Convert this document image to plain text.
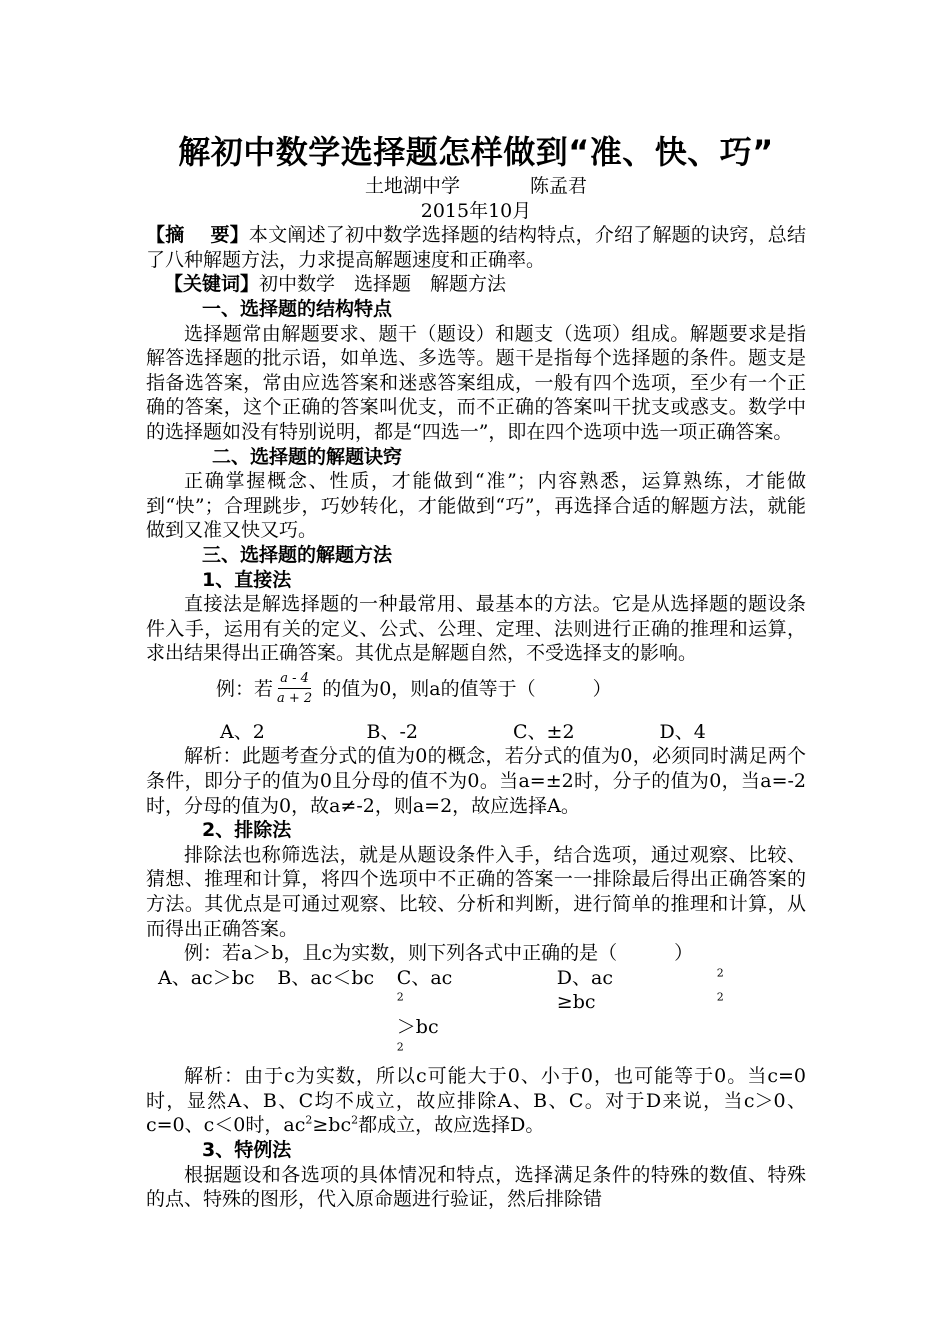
解初中数学选择题怎样做到“准、快、巧”
土地湖中学	陈孟君
2015年10月

【摘　 要】本文阐述了初中数学选择题的结构特点，介绍了解题的诀窍，总结了八种解题方法，力求提高解题速度和正确率。

【关键词】初中数学　选择题　解题方法

一、选择题的结构特点

选择题常由解题要求、题干（题设）和题支（选项）组成。解题要求是指解答选择题的批示语，如单选、多选等。题干是指每个选择题的条件。题支是指备选答案，常由应选答案和迷惑答案组成，一般有四个选项，至少有一个正确的答案，这个正确的答案叫优支，而不正确的答案叫干扰支或惑支。数学中的选择题如没有特别说明，都是“四选一”，即在四个选项中选一项正确答案。

二、选择题的解题诀窍

正确掌握概念、性质，才能做到“准”；内容熟悉，运算熟练，才能做到“快”；合理跳步，巧妙转化，才能做到“巧”，再选择合适的解题方法，就能做到又准又快又巧。

三、选择题的解题方法
1、直接法

直接法是解选择题的一种最常用、最基本的方法。它是从选择题的题设条件入手，运用有关的定义、公式、公理、定理、法则进行正确的推理和运算，求出结果得出正确答案。其优点是解题自然，不受选择支的影响。

例：若 $\frac{a - 4}{a + 2}$ 的值为0，则a的值等于（　　　）
A、2	B、-2	C、±2	D、4

解析：此题考查分式的值为0的概念，若分式的值为0，必须同时满足两个条件，即分子的值为0且分母的值不为0。当a=±2时，分子的值为0，当a=-2时，分母的值为0，故a≠-2，则a=2，故应选择A。

2、排除法

排除法也称筛选法，就是从题设条件入手，结合选项，通过观察、比较、猜想、推理和计算，将四个选项中不正确的答案一一排除最后得出正确答案的方法。其优点是可通过观察、比较、分析和判断，进行简单的推理和计算，从而得出正确答案。

例：若a＞b，且c为实数，则下列各式中正确的是（　　　）

A、ac＞bc	B、ac＜bc	C、$ac^2>bc^2$
D、ac	$^2$≥bc	$^2$

解析：由于c为实数，所以c可能大于0、小于0，也可能等于0。当c=0时，显然A、B、C均不成立，故应排除A、B、C。对于D来说，当c＞0、c=0、c＜0时，$ac^2\ge bc^2$都成立，故应选择D。

3、特例法

根据题设和各选项的具体情况和特点，选择满足条件的特殊的数值、特殊的点、特殊的图形，代入原命题进行验证，然后排除错
